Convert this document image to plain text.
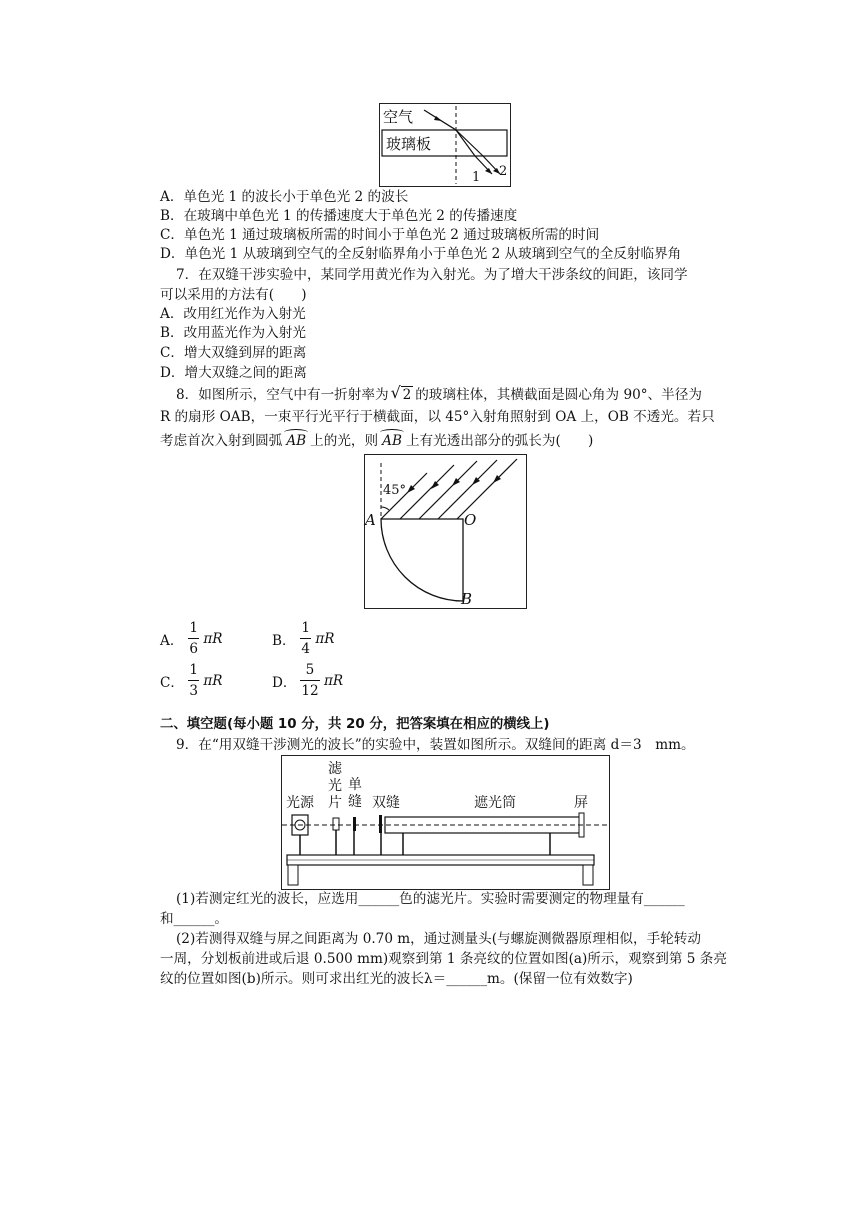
空气
玻璃板
1 2
A．单色光 1 的波长小于单色光 2 的波长
B．在玻璃中单色光 1 的传播速度大于单色光 2 的传播速度
C．单色光 1 通过玻璃板所需的时间小于单色光 2 通过玻璃板所需的时间
D．单色光 1 从玻璃到空气的全反射临界角小于单色光 2 从玻璃到空气的全反射临界角
7．在双缝干涉实验中，某同学用黄光作为入射光。为了增大干涉条纹的间距，该同学
可以采用的方法有(　　)
A．改用红光作为入射光
B．改用蓝光作为入射光
C．增大双缝到屏的距离
D．增大双缝之间的距离
8．如图所示，空气中有一折射率为 √ 2 的玻璃柱体，其横截面是圆心角为 90°、半径为
R 的扇形 OAB，一束平行光平行于横截面，以 45°入射角照射到 OA 上，OB 不透光。若只
考虑首次入射到圆弧 AB 上的光，则 AB 上有光透出部分的弧长为(　　)
45°
A	O
B
A． $\frac{1}{6}$ πR	B． $\frac{1}{4}$ πR
C． $\frac{1}{3}$ πR	D． $\frac{5}{12}$ πR
二、填空题(每小题 10 分，共 20 分，把答案填在相应的横线上)
9．在“用双缝干涉测光的波长”的实验中，装置如图所示。双缝间的距离 d＝3　mm。
光源
滤
光
片
单
缝 双缝	遮光筒	屏
(1)若测定红光的波长，应选用______色的滤光片。实验时需要测定的物理量有______
和______。
(2)若测得双缝与屏之间距离为 0.70 m，通过测量头(与螺旋测微器原理相似，手轮转动
一周，分划板前进或后退 0.500 mm)观察到第 1 条亮纹的位置如图(a)所示，观察到第 5 条亮
纹的位置如图(b)所示。则可求出红光的波长λ＝______m。(保留一位有效数字)
